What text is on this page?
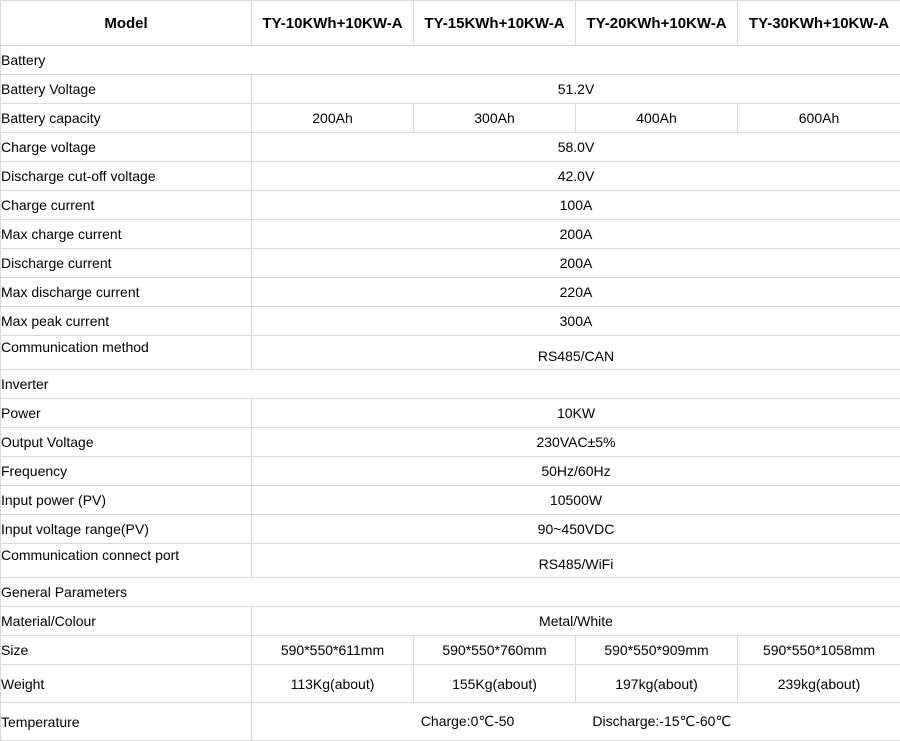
Model	TY-10KWh+10KW-A	TY-15KWh+10KW-A	TY-20KWh+10KW-A	TY-30KWh+10KW-A
Battery				
Battery Voltage	51.2V			
Battery capacity	200Ah	300Ah	400Ah	600Ah
Charge voltage	58.0V			
Discharge cut-off voltage	42.0V			
Charge current	100A			
Max charge current	200A			
Discharge current	200A			
Max discharge current	220A			
Max peak current	300A			
Communication method	RS485/CAN			
Inverter				
Power	10KW			
Output Voltage	230VAC±5%			
Frequency	50Hz/60Hz			
Input power (PV)	10500W			
Input voltage range(PV)	90~450VDC			
Communication connect port	RS485/WiFi			
General Parameters				
Material/Colour	Metal/White			
Size	590*550*611mm	590*550*760mm	590*550*909mm	590*550*1058mm
Weight	113Kg(about)	155Kg(about)	197kg(about)	239kg(about)
Temperature	Charge:0℃-50 Discharge:-15℃-60℃			
